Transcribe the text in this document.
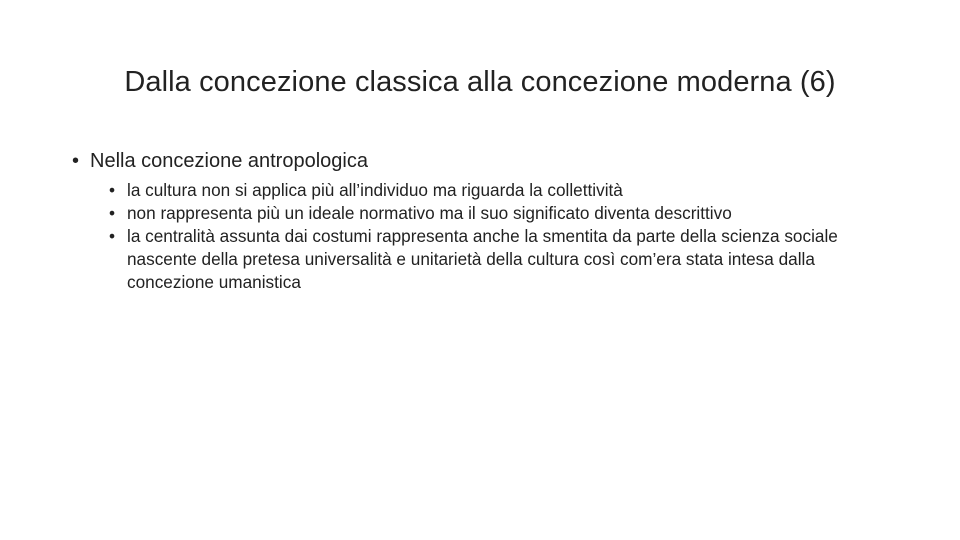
Dalla concezione classica alla concezione moderna (6)
• Nella concezione antropologica
• la cultura non si applica più all’individuo ma riguarda la collettività
• non rappresenta più un ideale normativo ma il suo significato diventa descrittivo
• la centralità assunta dai costumi rappresenta anche la smentita da parte della scienza sociale nascente della pretesa universalità e unitarietà della cultura così com’era stata intesa dalla concezione umanistica
